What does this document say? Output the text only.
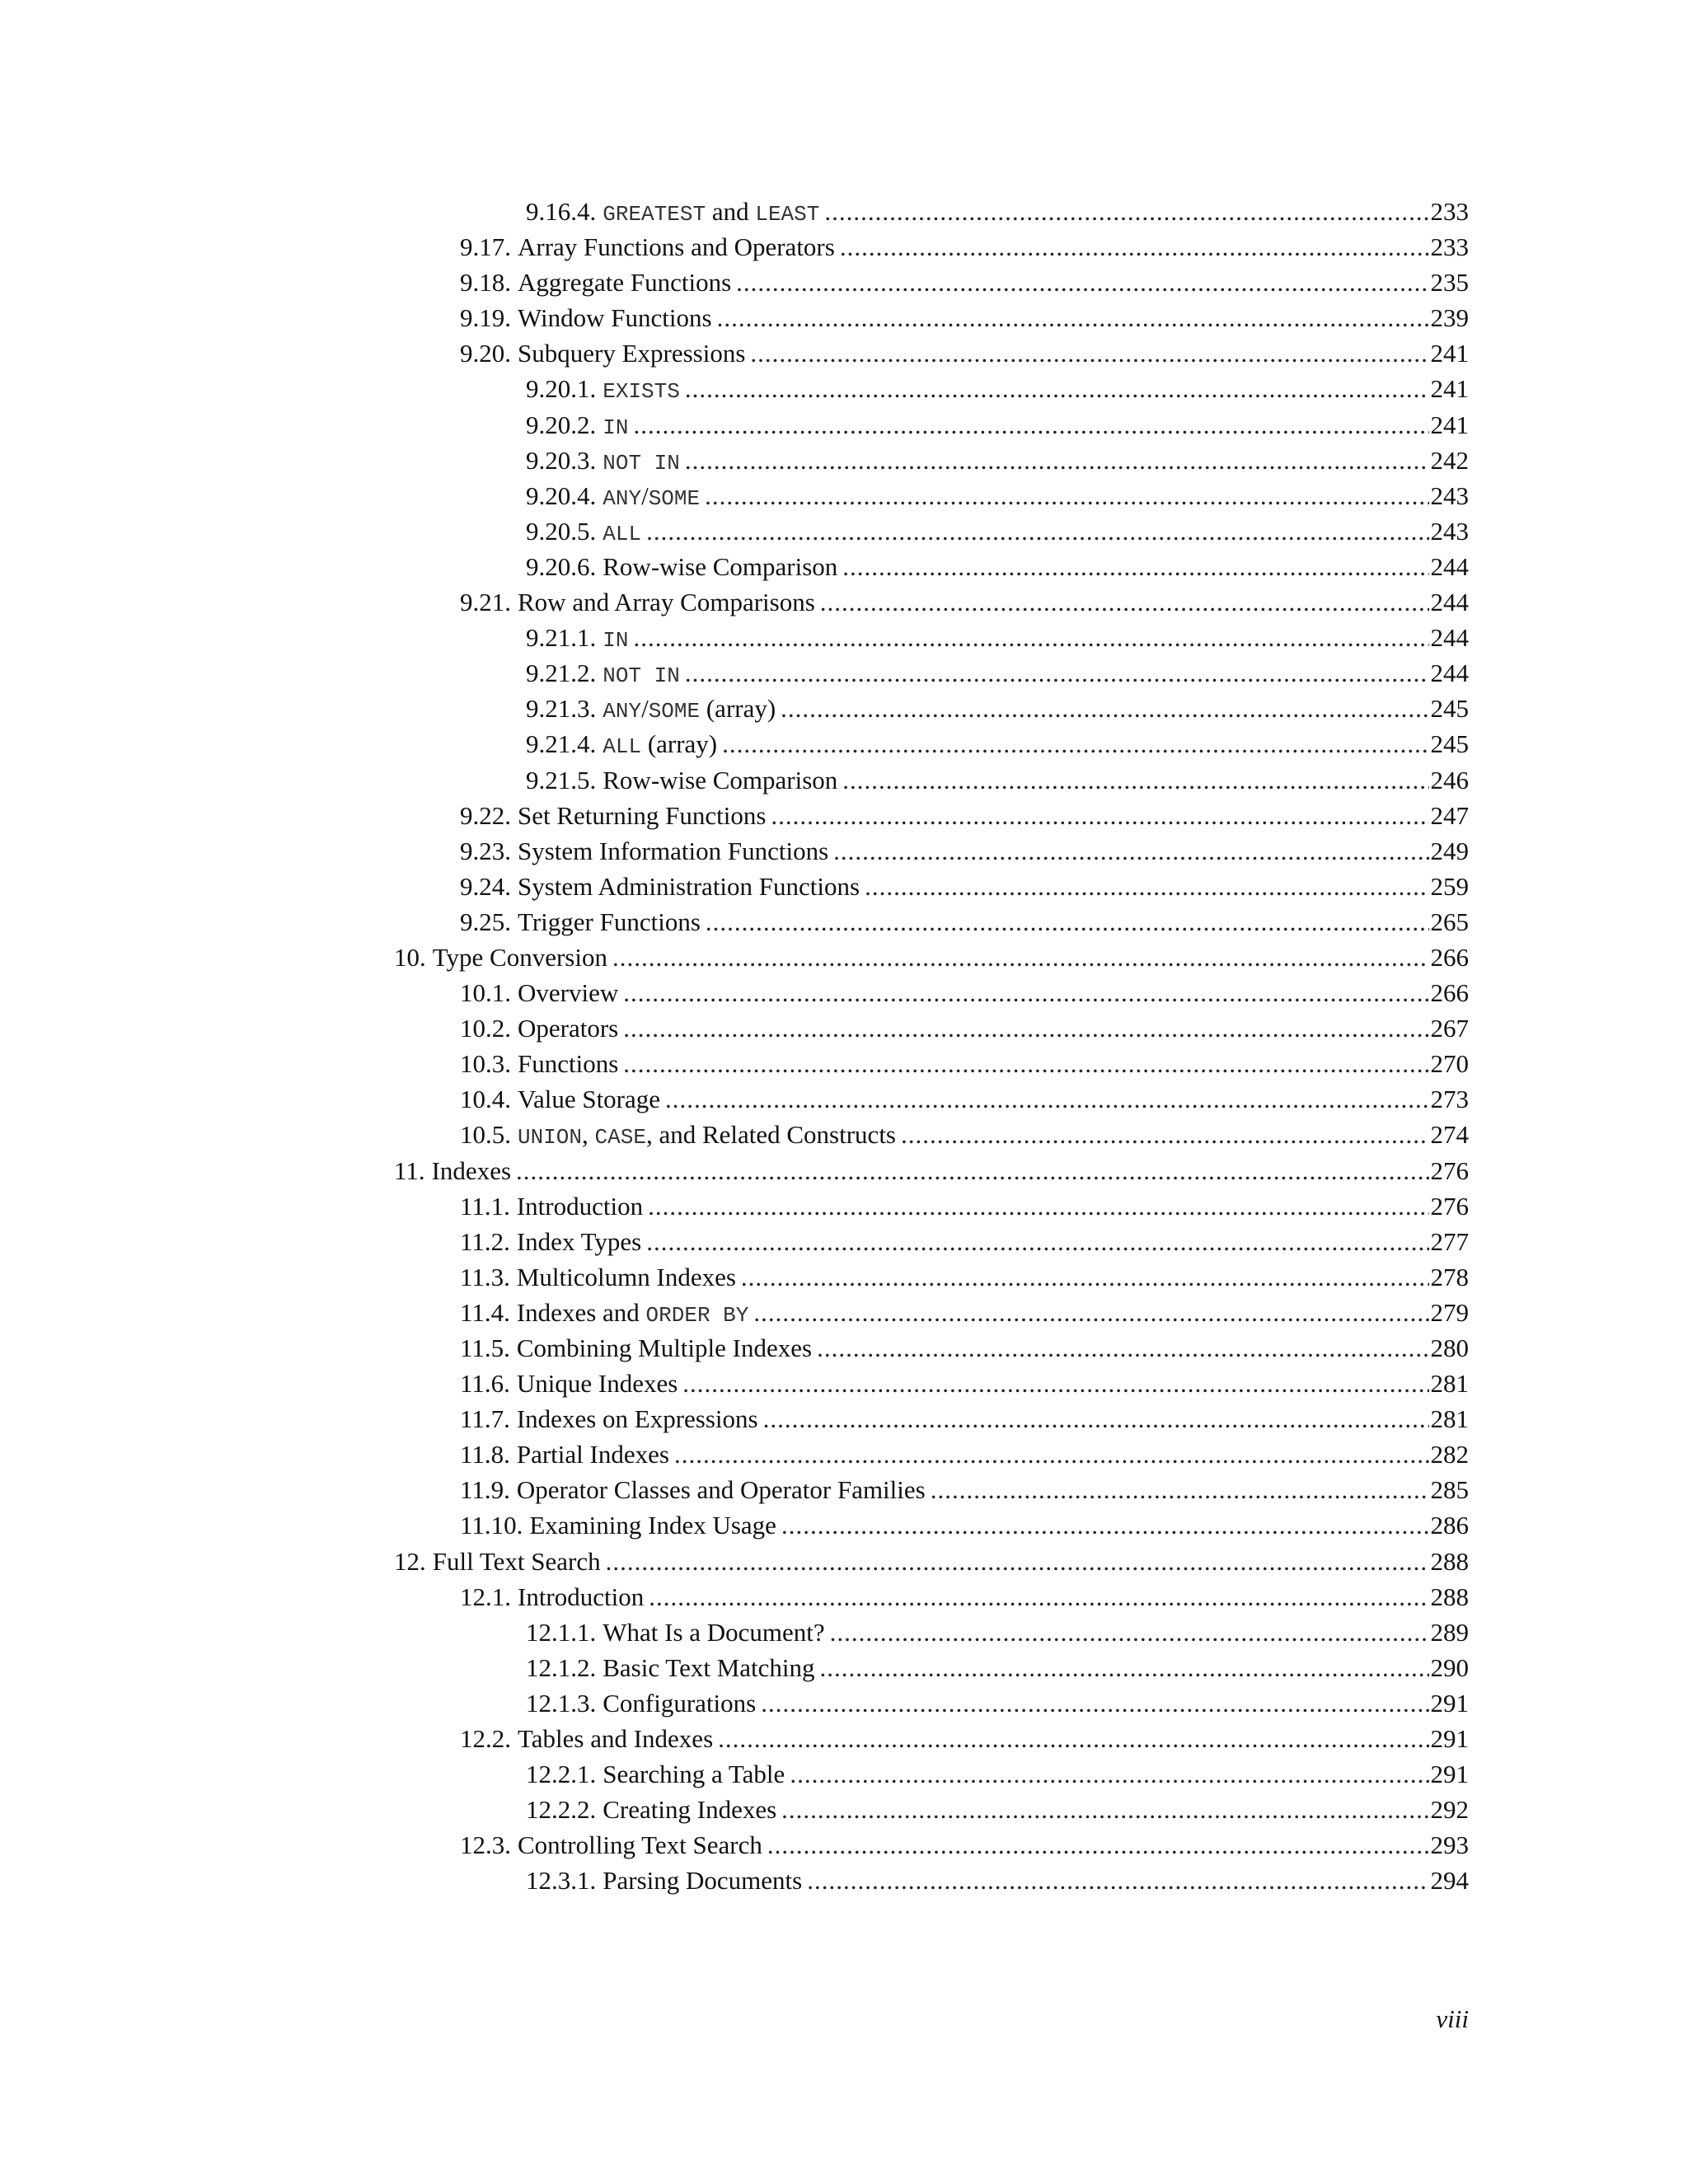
9.16.4. GREATEST and LEAST .....	233
9.17. Array Functions and Operators .....	233
9.18. Aggregate Functions .....	235
9.19. Window Functions .....	239
9.20. Subquery Expressions .....	241
9.20.1. EXISTS .....	241
9.20.2. IN .....	241
9.20.3. NOT IN .....	242
9.20.4. ANY/SOME .....	243
9.20.5. ALL .....	243
9.20.6. Row-wise Comparison .....	244
9.21. Row and Array Comparisons .....	244
9.21.1. IN .....	244
9.21.2. NOT IN .....	244
9.21.3. ANY/SOME (array) .....	245
9.21.4. ALL (array) .....	245
9.21.5. Row-wise Comparison .....	246
9.22. Set Returning Functions .....	247
9.23. System Information Functions .....	249
9.24. System Administration Functions .....	259
9.25. Trigger Functions .....	265
10. Type Conversion .....	266
10.1. Overview .....	266
10.2. Operators .....	267
10.3. Functions .....	270
10.4. Value Storage .....	273
10.5. UNION, CASE, and Related Constructs .....	274
11. Indexes .....	276
11.1. Introduction .....	276
11.2. Index Types .....	277
11.3. Multicolumn Indexes .....	278
11.4. Indexes and ORDER BY .....	279
11.5. Combining Multiple Indexes .....	280
11.6. Unique Indexes .....	281
11.7. Indexes on Expressions .....	281
11.8. Partial Indexes .....	282
11.9. Operator Classes and Operator Families .....	285
11.10. Examining Index Usage .....	286
12. Full Text Search .....	288
12.1. Introduction .....	288
12.1.1. What Is a Document? .....	289
12.1.2. Basic Text Matching .....	290
12.1.3. Configurations .....	291
12.2. Tables and Indexes .....	291
12.2.1. Searching a Table .....	291
12.2.2. Creating Indexes .....	292
12.3. Controlling Text Search .....	293
12.3.1. Parsing Documents .....	294
viii
